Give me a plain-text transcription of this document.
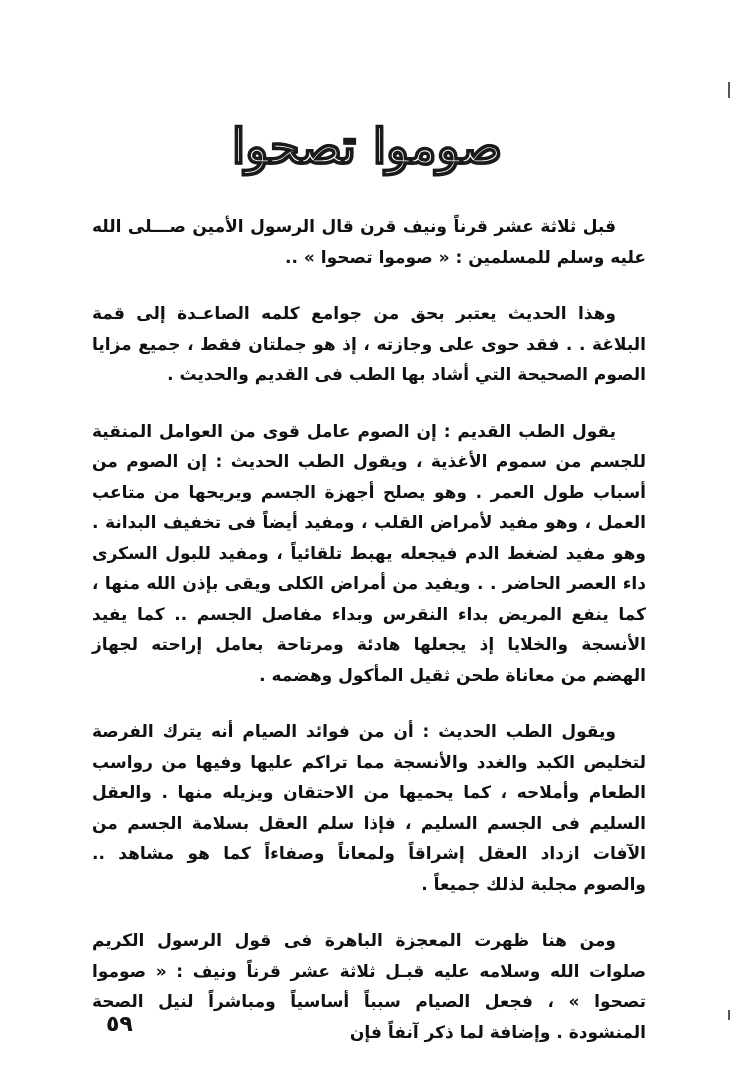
صوموا تصحوا

قبل ثلاثة عشر قرناً ونيف قرن قال الرسول الأمين صـــلى الله عليه وسلم للمسلمين : « صوموا تصحوا » ..

وهذا الحديث يعتبر بحق من جوامع كلمه الصاعـدة إلى قمة البلاغة . . فقد حوى على وجازته ، إذ هو جملتان فقط ، جميع مزايا الصوم الصحيحة التي أشاد بها الطب فى القديم والحديث .

يقول الطب القديم : إن الصوم عامل قوى من العوامل المنقية للجسم من سموم الأغذية ، ويقول الطب الحديث : إن الصوم من أسباب طول العمر . وهو يصلح أجهزة الجسم ويريحها من متاعب العمل ، وهو مفيد لأمراض القلب ، ومفيد أيضاً فى تخفيف البدانة . وهو مفيد لضغط الدم فيجعله يهبط تلقائياً ، ومفيد للبول السكرى داء العصر الحاضر . . ويفيد من أمراض الكلى ويقى بإذن الله منها ، كما ينفع المريض بداء النقرس وبداء مفاصل الجسم .. كما يفيد الأنسجة والخلايا إذ يجعلها هادئة ومرتاحة بعامل إراحته لجهاز الهضم من معاناة طحن ثقيل المأكول وهضمه .

ويقول الطب الحديث : أن من فوائد الصيام أنه يترك الفرصة لتخليص الكبد والغدد والأنسجة مما تراكم عليها وفيها من رواسب الطعام وأملاحه ، كما يحميها من الاحتقان ويزيله منها . والعقل السليم فى الجسم السليم ، فإذا سلم العقل بسلامة الجسم من الآفات ازداد العقل إشراقاً ولمعاناً وصفاءاً كما هو مشاهد .. والصوم مجلبة لذلك جميعاً .

ومن هنا ظهرت المعجزة الباهرة فى قول الرسول الكريم صلوات الله وسلامه عليه قبـل ثلاثة عشر قرناً ونيف : « صوموا تصحوا » ، فجعل الصيام سبباً أساسياً ومباشراً لنيل الصحة المنشودة . وإضافة لما ذكر آنفاً فإن

٥٩
